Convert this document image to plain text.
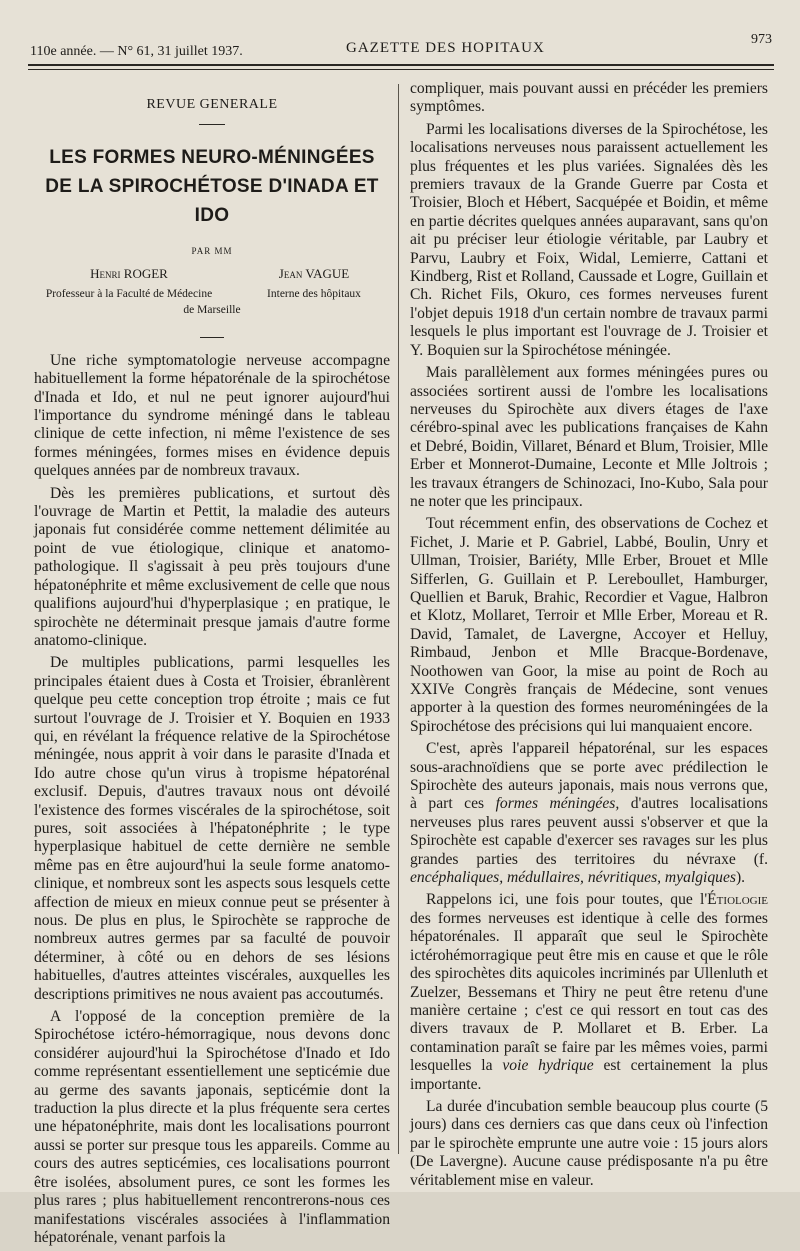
110e année. — N° 61, 31 juillet 1937.	GAZETTE DES HOPITAUX
973
REVUE GENERALE
LES FORMES NEURO-MÉNINGÉES
DE LA SPIROCHÉTOSE D'INADA ET IDO
PAR MM
Henri ROGER
Professeur à la Faculté de Médecine
Jean VAGUE
Interne des hôpitaux
de Marseille

Une riche symptomatologie nerveuse accompagne habituellement la forme hépatorénale de la spirochétose d'Inada et Ido, et nul ne peut ignorer aujourd'hui l'importance du syndrome méningé dans le tableau clinique de cette infection, ni même l'existence de ses formes méningées, formes mises en évidence depuis quelques années par de nombreux travaux.

Dès les premières publications, et surtout dès l'ouvrage de Martin et Pettit, la maladie des auteurs japonais fut considérée comme nettement délimitée au point de vue étiologique, clinique et anatomo-pathologique. Il s'agissait à peu près toujours d'une hépatonéphrite et même exclusivement de celle que nous qualifions aujourd'hui d'hyperplasique ; en pratique, le spirochète ne déterminait presque jamais d'autre forme anatomo-clinique.

De multiples publications, parmi lesquelles les principales étaient dues à Costa et Troisier, ébranlèrent quelque peu cette conception trop étroite ; mais ce fut surtout l'ouvrage de J. Troisier et Y. Boquien en 1933 qui, en révélant la fréquence relative de la Spirochétose méningée, nous apprit à voir dans le parasite d'Inada et Ido autre chose qu'un virus à tropisme hépatorénal exclusif. Depuis, d'autres travaux nous ont dévoilé l'existence des formes viscérales de la spirochétose, soit pures, soit associées à l'hépatonéphrite ; le type hyperplasique habituel de cette dernière ne semble même pas en être aujourd'hui la seule forme anatomo-clinique, et nombreux sont les aspects sous lesquels cette affection de mieux en mieux connue peut se présenter à nous. De plus en plus, le Spirochète se rapproche de nombreux autres germes par sa faculté de pouvoir déterminer, à côté ou en dehors de ses lésions habituelles, d'autres atteintes viscérales, auxquelles les descriptions primitives ne nous avaient pas accoutumés.

A l'opposé de la conception première de la Spirochétose ictéro-hémorragique, nous devons donc considérer aujourd'hui la Spirochétose d'Inado et Ido comme représentant essentiellement une septicémie due au germe des savants japonais, septicémie dont la traduction la plus directe et la plus fréquente sera certes une hépatonéphrite, mais dont les localisations pourront aussi se porter sur presque tous les appareils. Comme au cours des autres septicémies, ces localisations pourront être isolées, absolument pures, ce sont les formes les plus rares ; plus habituellement rencontrerons-nous ces manifestations viscérales associées à l'inflammation hépatorénale, venant parfois la

compliquer, mais pouvant aussi en précéder les premiers symptômes.

Parmi les localisations diverses de la Spirochétose, les localisations nerveuses nous paraissent actuellement les plus fréquentes et les plus variées. Signalées dès les premiers travaux de la Grande Guerre par Costa et Troisier, Bloch et Hébert, Sacquépée et Boidin, et même en partie décrites quelques années auparavant, sans qu'on ait pu préciser leur étiologie véritable, par Laubry et Parvu, Laubry et Foix, Widal, Lemierre, Cattani et Kindberg, Rist et Rolland, Caussade et Logre, Guillain et Ch. Richet Fils, Okuro, ces formes nerveuses furent l'objet depuis 1918 d'un certain nombre de travaux parmi lesquels le plus important est l'ouvrage de J. Troisier et Y. Boquien sur la Spirochétose méningée.

Mais parallèlement aux formes méningées pures ou associées sortirent aussi de l'ombre les localisations nerveuses du Spirochète aux divers étages de l'axe cérébro-spinal avec les publications françaises de Kahn et Debré, Boidin, Villaret, Bénard et Blum, Troisier, Mlle Erber et Monnerot-Dumaine, Leconte et Mlle Joltrois ; les travaux étrangers de Schinozaci, Ino-Kubo, Sala pour ne noter que les principaux.

Tout récemment enfin, des observations de Cochez et Fichet, J. Marie et P. Gabriel, Labbé, Boulin, Unry et Ullman, Troisier, Bariéty, Mlle Erber, Brouet et Mlle Sifferlen, G. Guillain et P. Lereboullet, Hamburger, Quellien et Baruk, Brahic, Recordier et Vague, Halbron et Klotz, Mollaret, Terroir et Mlle Erber, Moreau et R. David, Tamalet, de Lavergne, Accoyer et Helluy, Rimbaud, Jenbon et Mlle Bracque-Bordenave, Noothowen van Goor, la mise au point de Roch au XXIVe Congrès français de Médecine, sont venues apporter à la question des formes neuroméningées de la Spirochétose des précisions qui lui manquaient encore.

C'est, après l'appareil hépatorénal, sur les espaces sous-arachnoïdiens que se porte avec prédilection le Spirochète des auteurs japonais, mais nous verrons que, à part ces formes méningées, d'autres localisations nerveuses plus rares peuvent aussi s'observer et que la Spirochète est capable d'exercer ses ravages sur les plus grandes parties des territoires du névraxe (f. encéphaliques, médullaires, névritiques, myalgiques).

Rappelons ici, une fois pour toutes, que l'Étiologie des formes nerveuses est identique à celle des formes hépatorénales. Il apparaît que seul le Spirochète ictérohémorragique peut être mis en cause et que le rôle des spirochètes dits aquicoles incriminés par Ullenluth et Zuelzer, Bessemans et Thiry ne peut être retenu d'une manière certaine ; c'est ce qui ressort en tout cas des divers travaux de P. Mollaret et B. Erber. La contamination paraît se faire par les mêmes voies, parmi lesquelles la voie hydrique est certainement la plus importante.

La durée d'incubation semble beaucoup plus courte (5 jours) dans ces derniers cas que dans ceux où l'infection par le spirochète emprunte une autre voie : 15 jours alors (De Lavergne). Aucune cause prédisposante n'a pu être véritablement mise en valeur.
